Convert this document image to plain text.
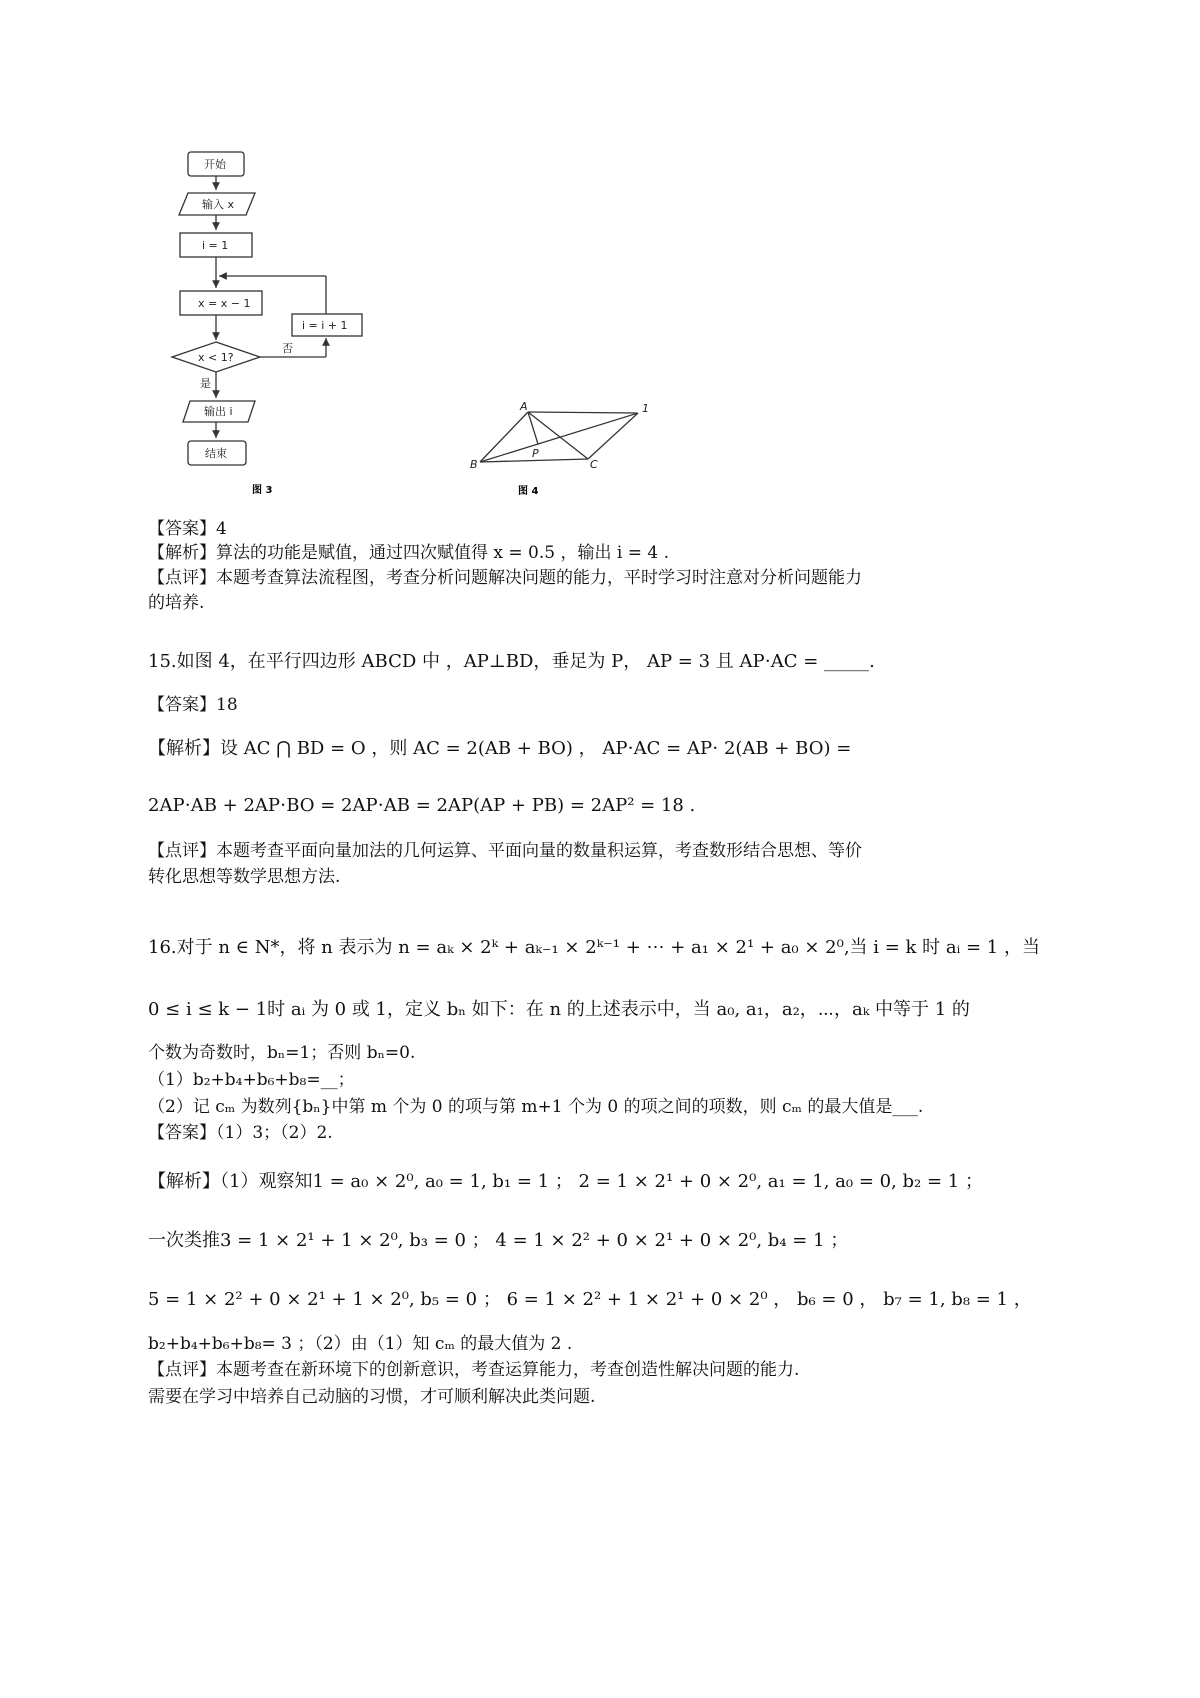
开始
输入 x
i = 1
x = x − 1
i = i + 1
x < 1?
否
是
输出 i
结束
图 3
A	1
B	C
P
图 4
【答案】4
【解析】算法的功能是赋值，通过四次赋值得 x = 0.5 ，输出 i = 4 .
【点评】本题考查算法流程图，考查分析问题解决问题的能力，平时学习时注意对分析问题能力
的培养.
15.如图 4，在平行四边形 ABCD 中 ，AP⊥BD，垂足为 P， AP = 3 且 AP⋅AC = _____.
【答案】18
【解析】设 AC ⋂ BD = O ，则 AC = 2(AB + BO) ， AP⋅AC = AP⋅ 2(AB + BO) =
2AP⋅AB + 2AP⋅BO = 2AP⋅AB = 2AP(AP + PB) = 2AP² = 18 .
【点评】本题考查平面向量加法的几何运算、平面向量的数量积运算，考查数形结合思想、等价
转化思想等数学思想方法.
16.对于 n ∈ N*，将 n 表示为 n = aₖ × 2ᵏ + aₖ₋₁ × 2ᵏ⁻¹ + ⋯ + a₁ × 2¹ + a₀ × 2⁰,当 i = k 时 aᵢ = 1 ，当
0 ≤ i ≤ k − 1时 aᵢ 为 0 或 1，定义 bₙ 如下：在 n 的上述表示中，当 a₀, a₁，a₂，⋯，aₖ 中等于 1 的
个数为奇数时，bₙ=1；否则 bₙ=0.
（1）b₂+b₄+b₆+b₈=__；
（2）记 cₘ 为数列{bₙ}中第 m 个为 0 的项与第 m+1 个为 0 的项之间的项数，则 cₘ 的最大值是___.
【答案】（1）3；（2）2.
【解析】（1）观察知1 = a₀ × 2⁰, a₀ = 1, b₁ = 1 ； 2 = 1 × 2¹ + 0 × 2⁰, a₁ = 1, a₀ = 0, b₂ = 1 ；
一次类推3 = 1 × 2¹ + 1 × 2⁰, b₃ = 0 ； 4 = 1 × 2² + 0 × 2¹ + 0 × 2⁰, b₄ = 1 ；
5 = 1 × 2² + 0 × 2¹ + 1 × 2⁰, b₅ = 0 ； 6 = 1 × 2² + 1 × 2¹ + 0 × 2⁰ ， b₆ = 0 ， b₇ = 1, b₈ = 1 ，
b₂+b₄+b₆+b₈= 3 ；（2）由（1）知 cₘ 的最大值为 2 .
【点评】本题考查在新环境下的创新意识，考查运算能力，考查创造性解决问题的能力.
需要在学习中培养自己动脑的习惯，才可顺利解决此类问题.
